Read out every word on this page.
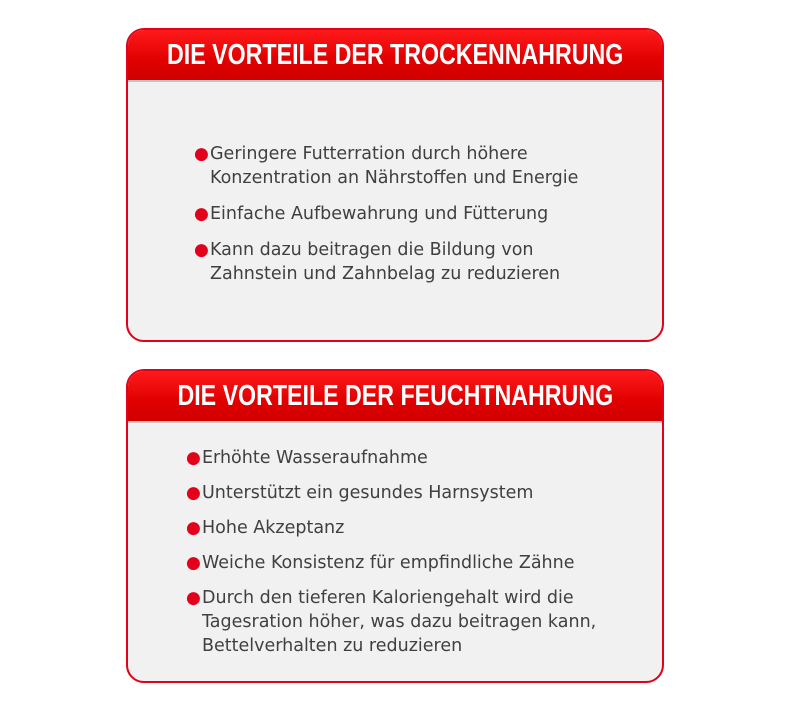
DIE VORTEILE DER TROCKENNAHRUNG
● Geringere Futterration durch höhere
Konzentration an Nährstoffen und Energie
● Einfache Aufbewahrung und Fütterung
● Kann dazu beitragen die Bildung von
Zahnstein und Zahnbelag zu reduzieren
DIE VORTEILE DER FEUCHTNAHRUNG
● Erhöhte Wasseraufnahme
● Unterstützt ein gesundes Harnsystem
● Hohe Akzeptanz
● Weiche Konsistenz für empfindliche Zähne
● Durch den tieferen Kaloriengehalt wird die
Tagesration höher, was dazu beitragen kann,
Bettelverhalten zu reduzieren
